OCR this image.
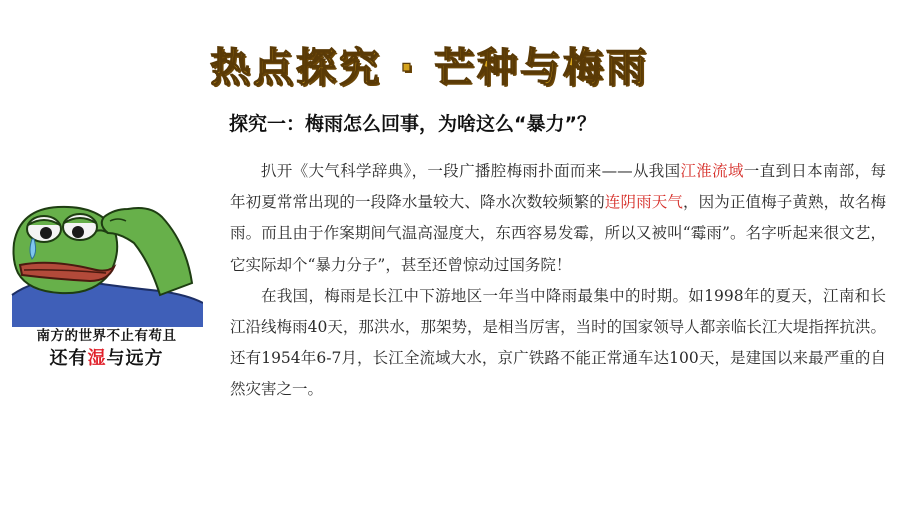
热点探究 · 芒种与梅雨
探究一：梅雨怎么回事，为啥这么“暴力”？
南方的世界不止有苟且
还有湿与远方

扒开《大气科学辞典》，一段广播腔梅雨扑面而来——从我国江淮流域一直到日本南部，每年初夏常常出现的一段降水量较大、降水次数较频繁的连阴雨天气，因为正值梅子黄熟，故名梅雨。而且由于作案期间气温高湿度大，东西容易发霉，所以又被叫“霉雨”。名字听起来很文艺，它实际却个“暴力分子”，甚至还曾惊动过国务院！

在我国，梅雨是长江中下游地区一年当中降雨最集中的时期。如1998年的夏天，江南和长江沿线梅雨40天，那洪水，那架势，是相当厉害，当时的国家领导人都亲临长江大堤指挥抗洪。还有1954年6-7月，长江全流域大水，京广铁路不能正常通车达100天，是建国以来最严重的自然灾害之一。
